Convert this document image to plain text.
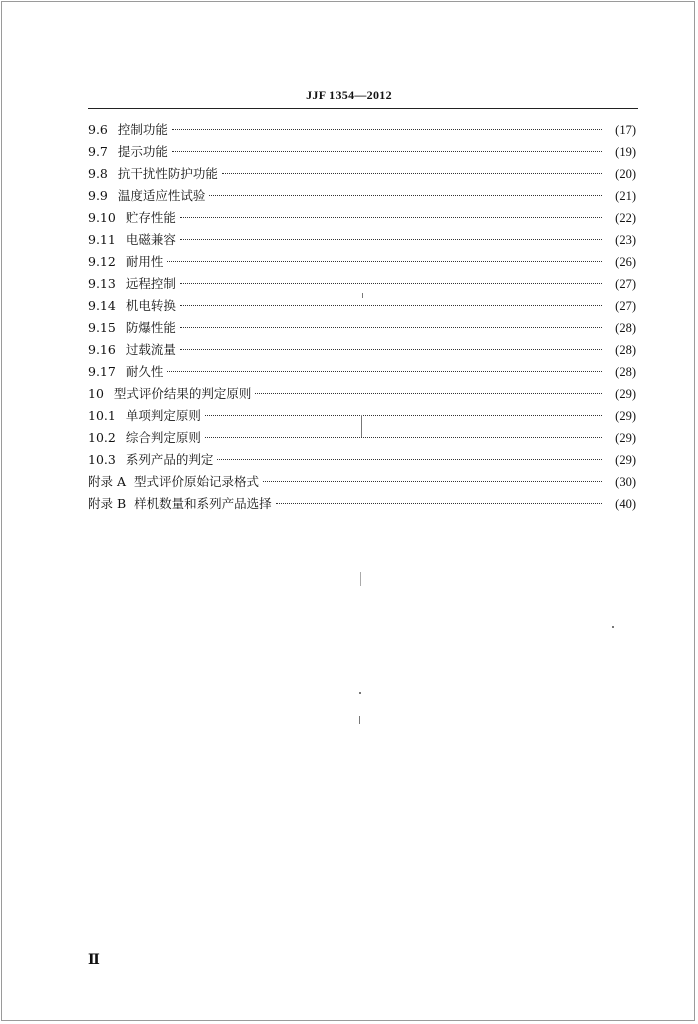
JJF 1354—2012
9.6 控制功能	(17)
9.7 提示功能	(19)
9.8 抗干扰性防护功能	(20)
9.9 温度适应性试验	(21)
9.10 贮存性能	(22)
9.11 电磁兼容	(23)
9.12 耐用性	(26)
9.13 远程控制	(27)
9.14 机电转换	(27)
9.15 防爆性能	(28)
9.16 过载流量	(28)
9.17 耐久性	(28)
10 型式评价结果的判定原则	(29)
10.1 单项判定原则	(29)
10.2 综合判定原则	(29)
10.3 系列产品的判定	(29)
附录 A 型式评价原始记录格式	(30)
附录 B 样机数量和系列产品选择	(40)
Ⅱ
